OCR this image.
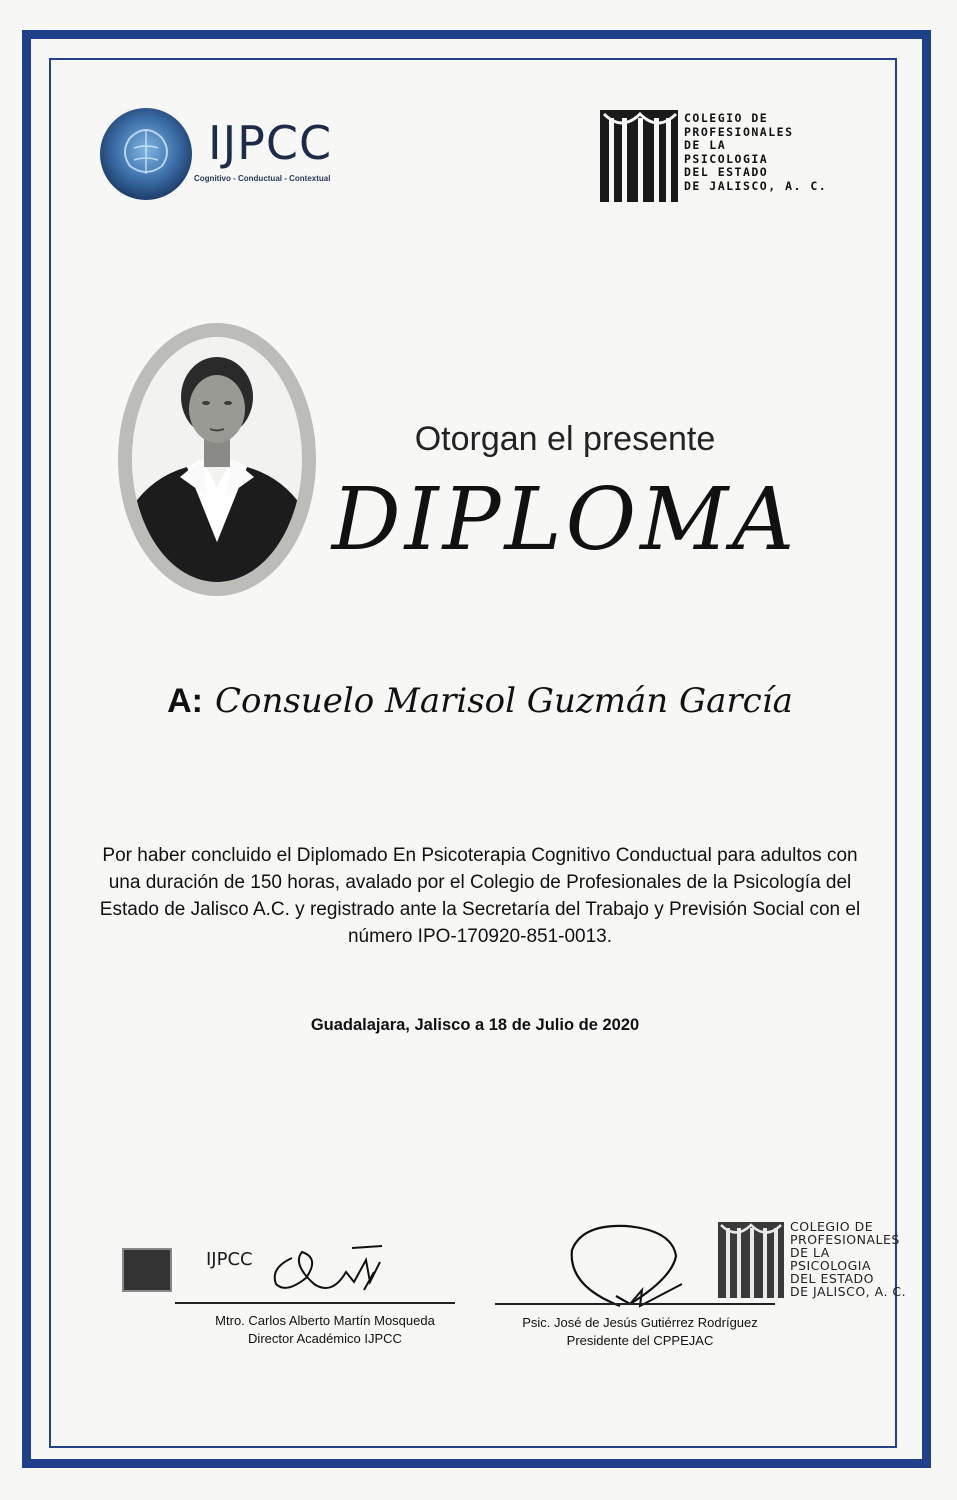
IJPCC
Cognitivo - Conductual - Contextual
COLEGIO DE
PROFESIONALES
DE LA
PSICOLOGIA
DEL ESTADO
DE JALISCO, A. C.
Otorgan el presente
DIPLOMA
A: Consuelo Marisol Guzmán García

Por haber concluido el Diplomado En Psicoterapia Cognitivo Conductual para adultos con una duración de 150 horas, avalado por el Colegio de Profesionales de la Psicología del Estado de Jalisco A.C. y registrado ante la Secretaría del Trabajo y Previsión Social con el número IPO-170920-851-0013.

Guadalajara, Jalisco a 18 de Julio de 2020
IJPCC
Mtro. Carlos Alberto Martín Mosqueda
Director Académico IJPCC
Psic. José de Jesús Gutiérrez Rodríguez
Presidente del CPPEJAC
COLEGIO DE
PROFESIONALES
DE LA
PSICOLOGIA
DEL ESTADO
DE JALISCO, A. C.
